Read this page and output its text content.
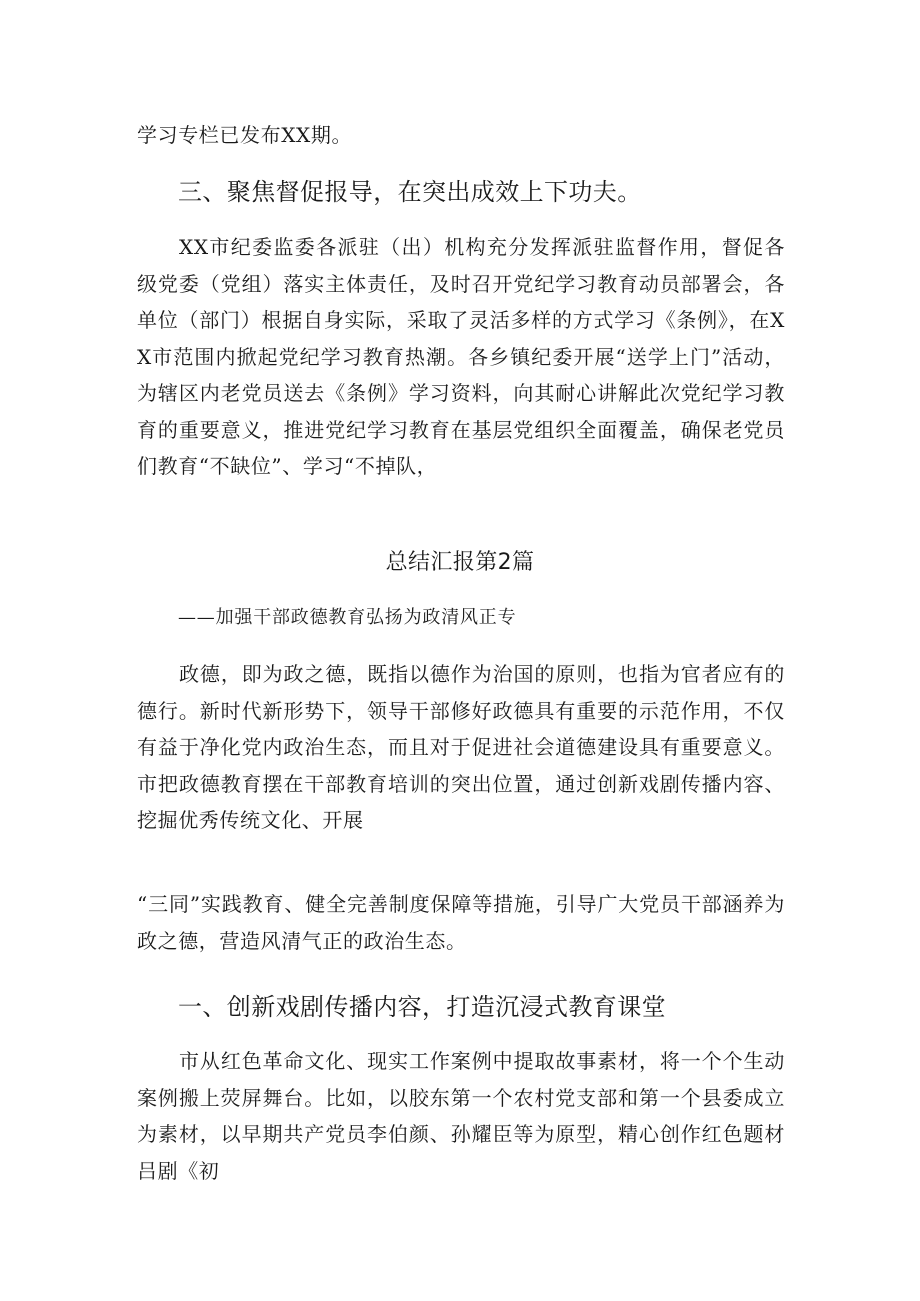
学习专栏已发布XX期。

三、聚焦督促报导，在突出成效上下功夫。

XX市纪委监委各派驻（出）机构充分发挥派驻监督作用，督促各级党委（党组）落实主体责任，及时召开党纪学习教育动员部署会，各单位（部门）根据自身实际，采取了灵活多样的方式学习《条例》，在XX市范围内掀起党纪学习教育热潮。各乡镇纪委开展“送学上门”活动，为辖区内老党员送去《条例》学习资料，向其耐心讲解此次党纪学习教育的重要意义，推进党纪学习教育在基层党组织全面覆盖，确保老党员们教育“不缺位”、学习“不掉队，

总结汇报第2篇

——加强干部政德教育弘扬为政清风正专

政德，即为政之德，既指以德作为治国的原则，也指为官者应有的德行。新时代新形势下，领导干部修好政德具有重要的示范作用，不仅有益于净化党内政治生态，而且对于促进社会道德建设具有重要意义。市把政德教育摆在干部教育培训的突出位置，通过创新戏剧传播内容、挖掘优秀传统文化、开展

“三同”实践教育、健全完善制度保障等措施，引导广大党员干部涵养为政之德，营造风清气正的政治生态。

一、创新戏剧传播内容，打造沉浸式教育课堂

市从红色革命文化、现实工作案例中提取故事素材，将一个个生动案例搬上荧屏舞台。比如，以胶东第一个农村党支部和第一个县委成立为素材，以早期共产党员李伯颜、孙耀臣等为原型，精心创作红色题材吕剧《初
